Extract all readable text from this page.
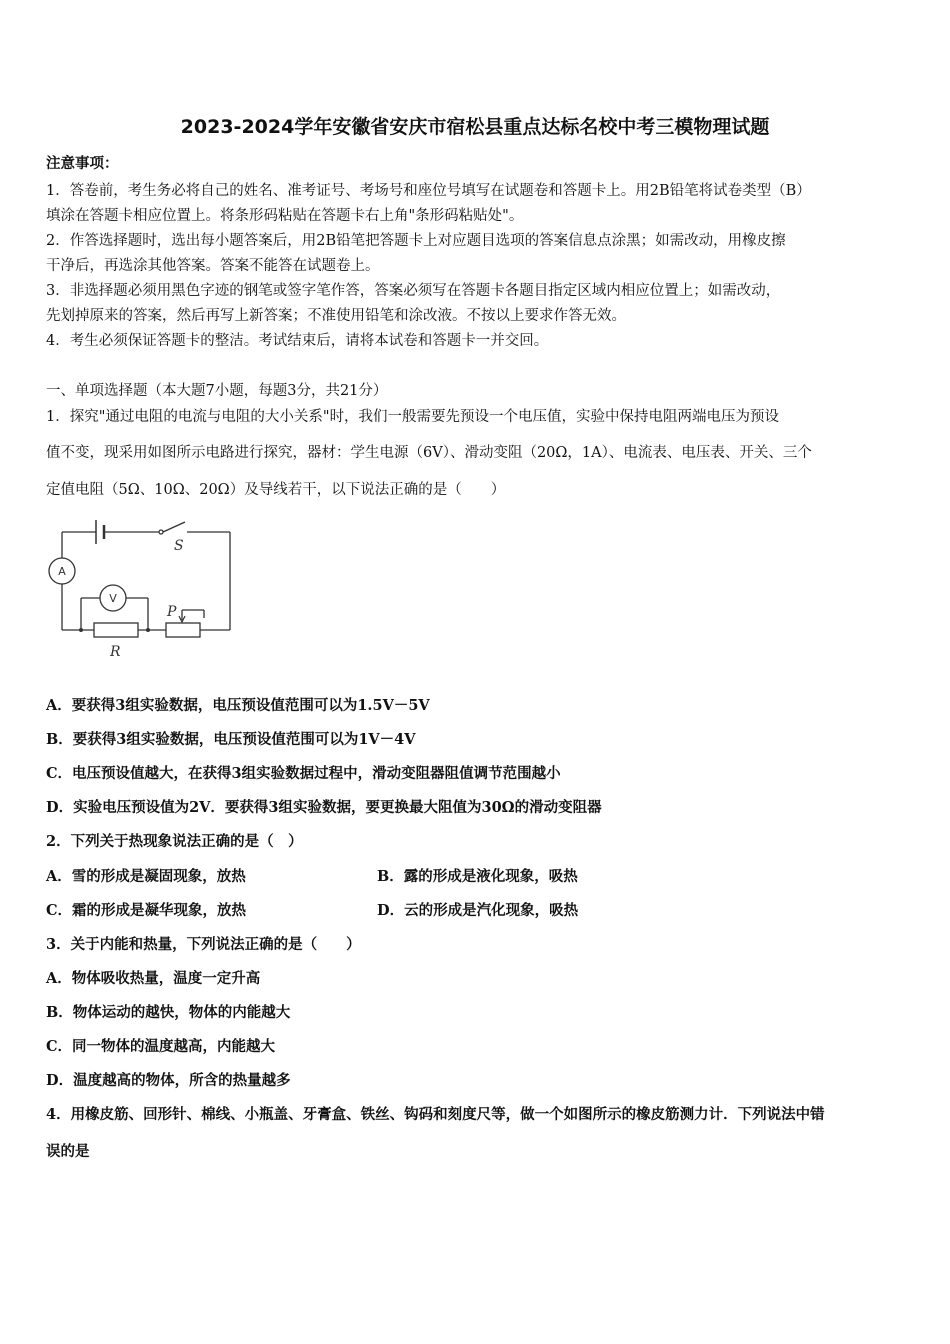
2023-2024学年安徽省安庆市宿松县重点达标名校中考三模物理试题
注意事项：
1．答卷前，考生务必将自己的姓名、准考证号、考场号和座位号填写在试题卷和答题卡上。用2B铅笔将试卷类型（B）
填涂在答题卡相应位置上。将条形码粘贴在答题卡右上角"条形码粘贴处"。
2．作答选择题时，选出每小题答案后，用2B铅笔把答题卡上对应题目选项的答案信息点涂黑；如需改动，用橡皮擦
干净后，再选涂其他答案。答案不能答在试题卷上。
3．非选择题必须用黑色字迹的钢笔或签字笔作答，答案必须写在答题卡各题目指定区域内相应位置上；如需改动，
先划掉原来的答案，然后再写上新答案；不准使用铅笔和涂改液。不按以上要求作答无效。
4．考生必须保证答题卡的整洁。考试结束后，请将本试卷和答题卡一并交回。
一、单项选择题（本大题7小题，每题3分，共21分）
1．探究"通过电阻的电流与电阻的大小关系"时，我们一般需要先预设一个电压值，实验中保持电阻两端电压为预设
值不变，现采用如图所示电路进行探究，器材：学生电源（6V）、滑动变阻（20Ω，1A）、电流表、电压表、开关、三个
定值电阻（5Ω、10Ω、20Ω）及导线若干，以下说法正确的是（　　）
S
P
R
A
V
A．要获得3组实验数据，电压预设值范围可以为1.5V－5V
B．要获得3组实验数据，电压预设值范围可以为1V－4V
C．电压预设值越大，在获得3组实验数据过程中，滑动变阻器阻值调节范围越小
D．实验电压预设值为2V．要获得3组实验数据，要更换最大阻值为30Ω的滑动变阻器
2．下列关于热现象说法正确的是（　）
A．雪的形成是凝固现象，放热	B．露的形成是液化现象，吸热
C．霜的形成是凝华现象，放热	D．云的形成是汽化现象，吸热
3．关于内能和热量，下列说法正确的是（　　）
A．物体吸收热量，温度一定升高
B．物体运动的越快，物体的内能越大
C．同一物体的温度越高，内能越大
D．温度越高的物体，所含的热量越多
4．用橡皮筋、回形针、棉线、小瓶盖、牙膏盒、铁丝、钩码和刻度尺等，做一个如图所示的橡皮筋测力计．下列说法中错
误的是
